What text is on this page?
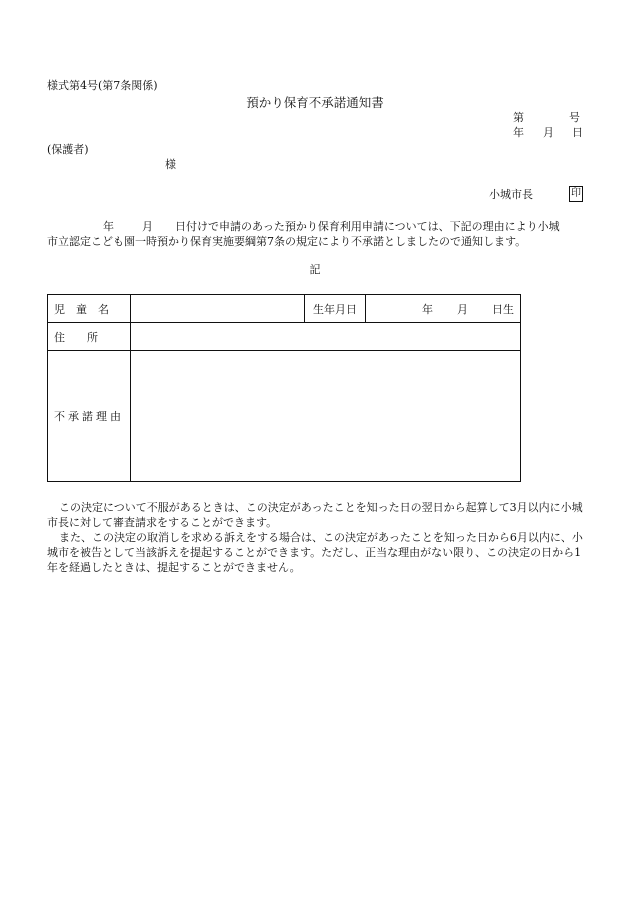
様式第4号(第7条関係)
預かり保育不承諾通知書
第	号
年 月 日
(保護者)
様
小城市長	印

年	月 日付けで申請のあった預かり保育利用申請については、下記の理由により小城

市立認定こども園一時預かり保育実施要綱第7条の規定により不承諾としましたので通知します。

記
児　童　名		生年月日	年 月 日生
住　　所			
不承諾理由			

この決定について不服があるときは、この決定があったことを知った日の翌日から起算して3月以内に小城市長に対して審査請求をすることができます。

また、この決定の取消しを求める訴えをする場合は、この決定があったことを知った日から6月以内に、小城市を被告として当該訴えを提起することができます。ただし、正当な理由がない限り、この決定の日から1年を経過したときは、提起することができません。
